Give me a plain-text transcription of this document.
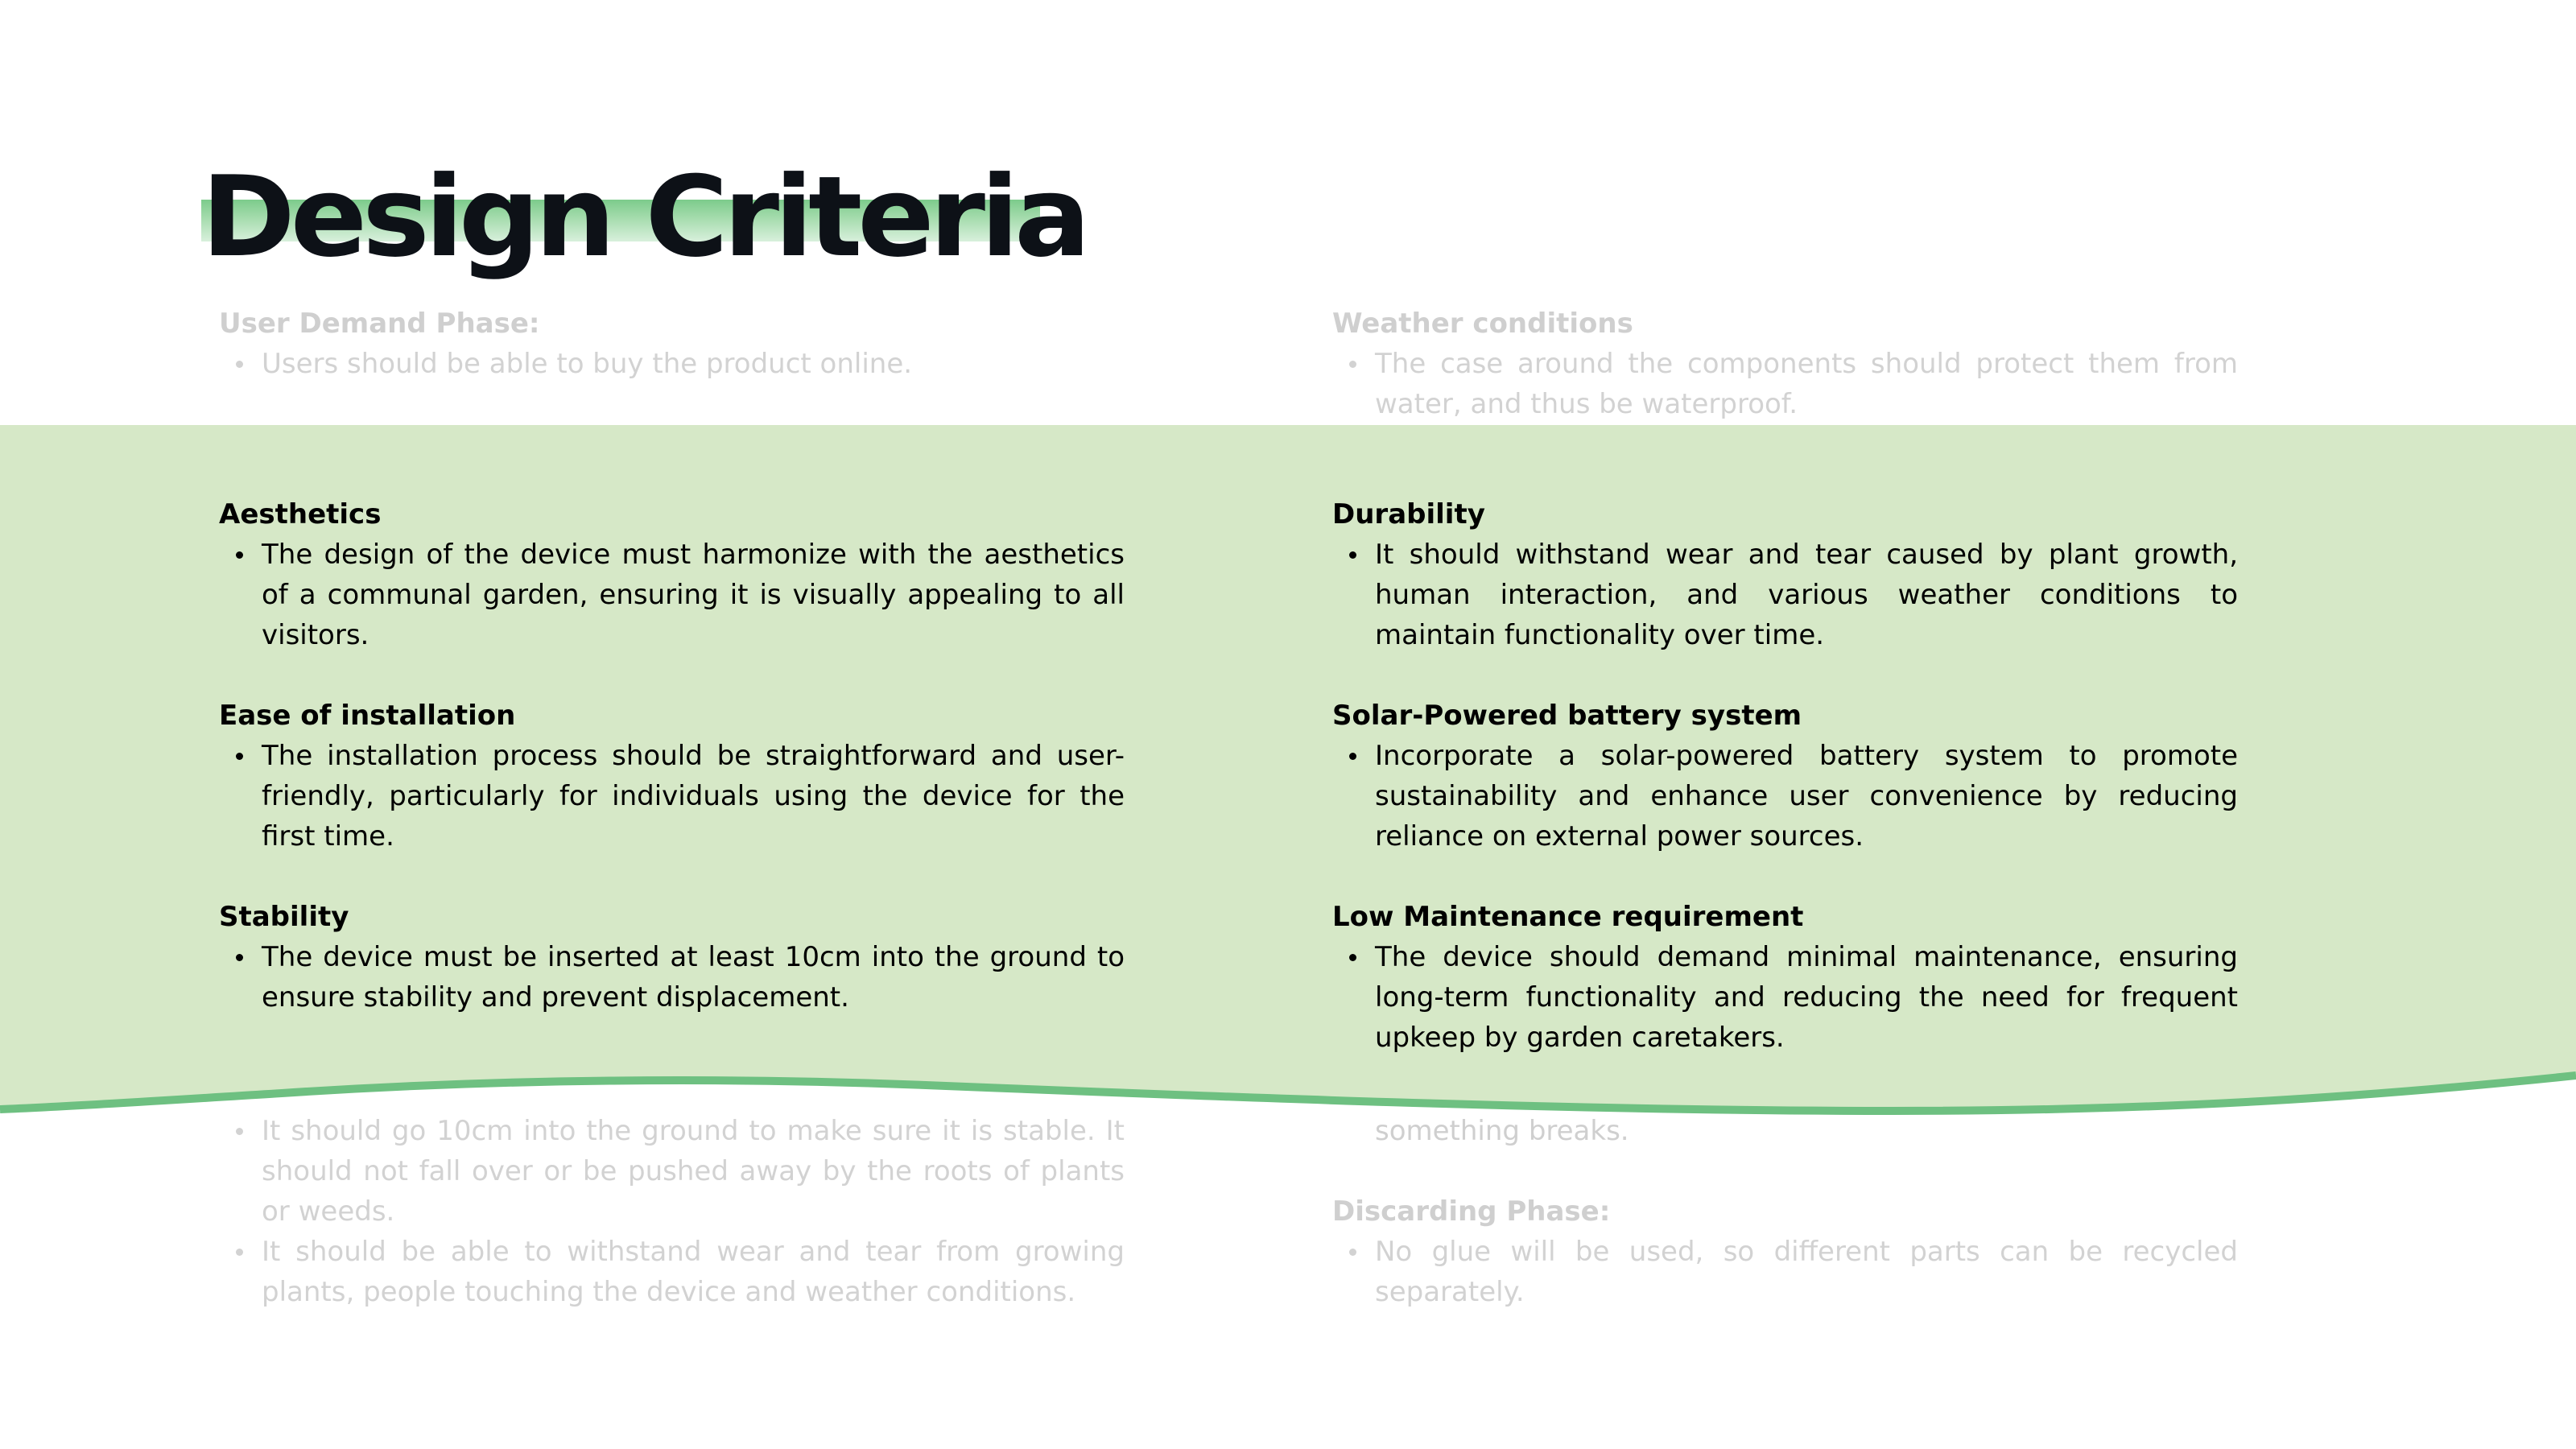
User Demand Phase:

Users should be able to buy the product online.

Weather conditions

The case around the components should protect them from water, and thus be waterproof.
It should go 10cm into the ground to make sure it is stable. It should not fall over or be pushed away by the roots of plants or weeds.
It should be able to withstand wear and tear from growing plants, people touching the device and weather conditions.

something breaks.

Discarding Phase:

No glue will be used, so different parts can be recycled separately.
Design Criteria

Aesthetics

The design of the device must harmonize with the aesthetics of a communal garden, ensuring it is visually appealing to all visitors.

Ease of installation

The installation process should be straightforward and user-friendly, particularly for individuals using the device for the first time.

Stability

The device must be inserted at least 10cm into the ground to ensure stability and prevent displacement.

Durability

It should withstand wear and tear caused by plant growth, human interaction, and various weather conditions to maintain functionality over time.

Solar-Powered battery system

Incorporate a solar-powered battery system to promote sustainability and enhance user convenience by reducing reliance on external power sources.

Low Maintenance requirement

The device should demand minimal maintenance, ensuring long-term functionality and reducing the need for frequent upkeep by garden caretakers.
